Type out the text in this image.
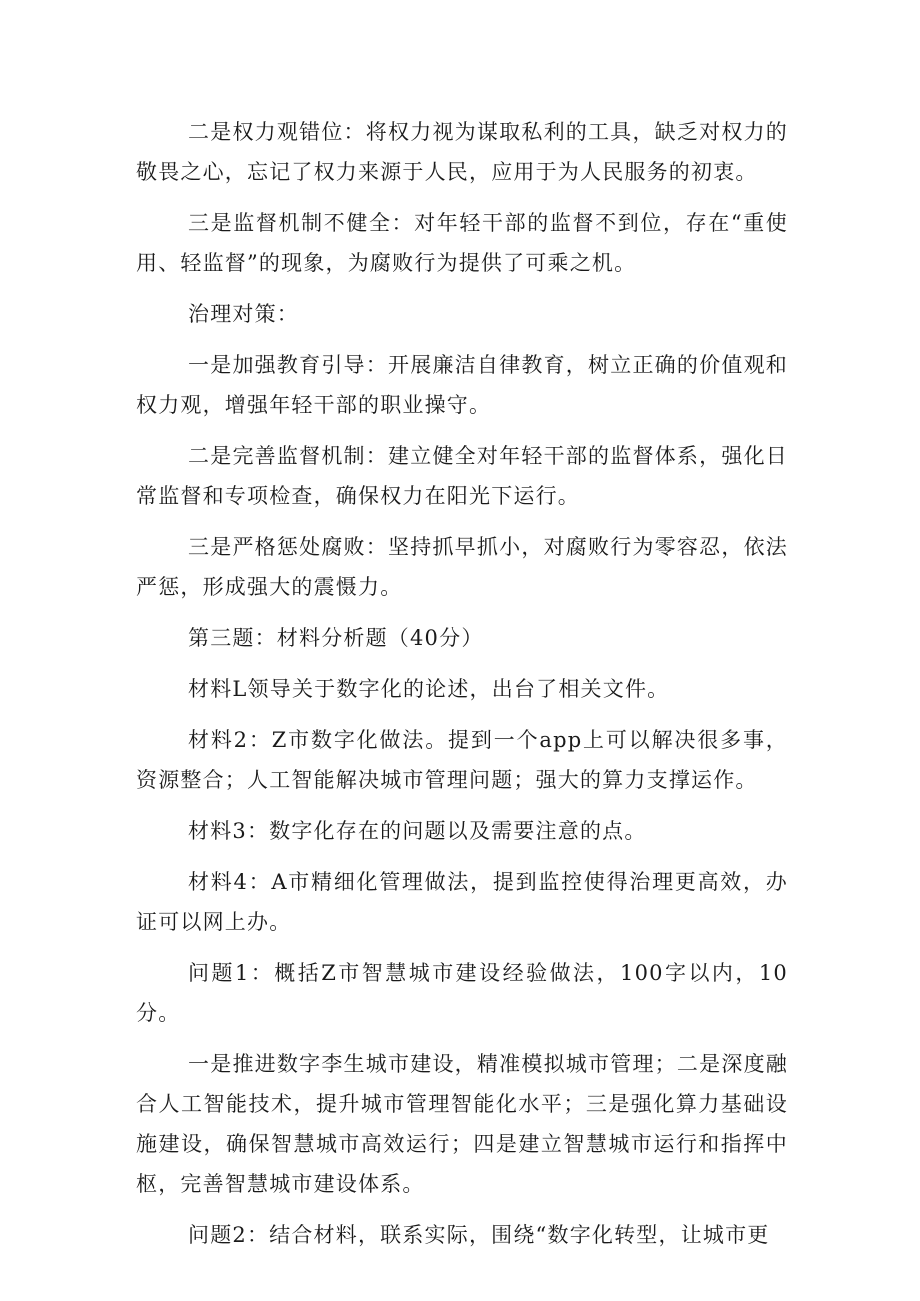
二是权力观错位：将权力视为谋取私利的工具，缺乏对权力的敬畏之心，忘记了权力来源于人民，应用于为人民服务的初衷。

三是监督机制不健全：对年轻干部的监督不到位，存在“重使用、轻监督”的现象，为腐败行为提供了可乘之机。

治理对策：

一是加强教育引导：开展廉洁自律教育，树立正确的价值观和权力观，增强年轻干部的职业操守。

二是完善监督机制：建立健全对年轻干部的监督体系，强化日常监督和专项检查，确保权力在阳光下运行。

三是严格惩处腐败：坚持抓早抓小，对腐败行为零容忍，依法严惩，形成强大的震慑力。

第三题：材料分析题（40分）

材料L领导关于数字化的论述，出台了相关文件。

材料2：Z市数字化做法。提到一个app上可以解决很多事，资源整合；人工智能解决城市管理问题；强大的算力支撑运作。

材料3：数字化存在的问题以及需要注意的点。

材料4：A市精细化管理做法，提到监控使得治理更高效，办证可以网上办。

问题1：概括Z市智慧城市建设经验做法，100字以内，10分。

一是推进数字李生城市建设，精准模拟城市管理；二是深度融合人工智能技术，提升城市管理智能化水平；三是强化算力基础设施建设，确保智慧城市高效运行；四是建立智慧城市运行和指挥中枢，完善智慧城市建设体系。

问题2：结合材料，联系实际，围绕“数字化转型，让城市更
